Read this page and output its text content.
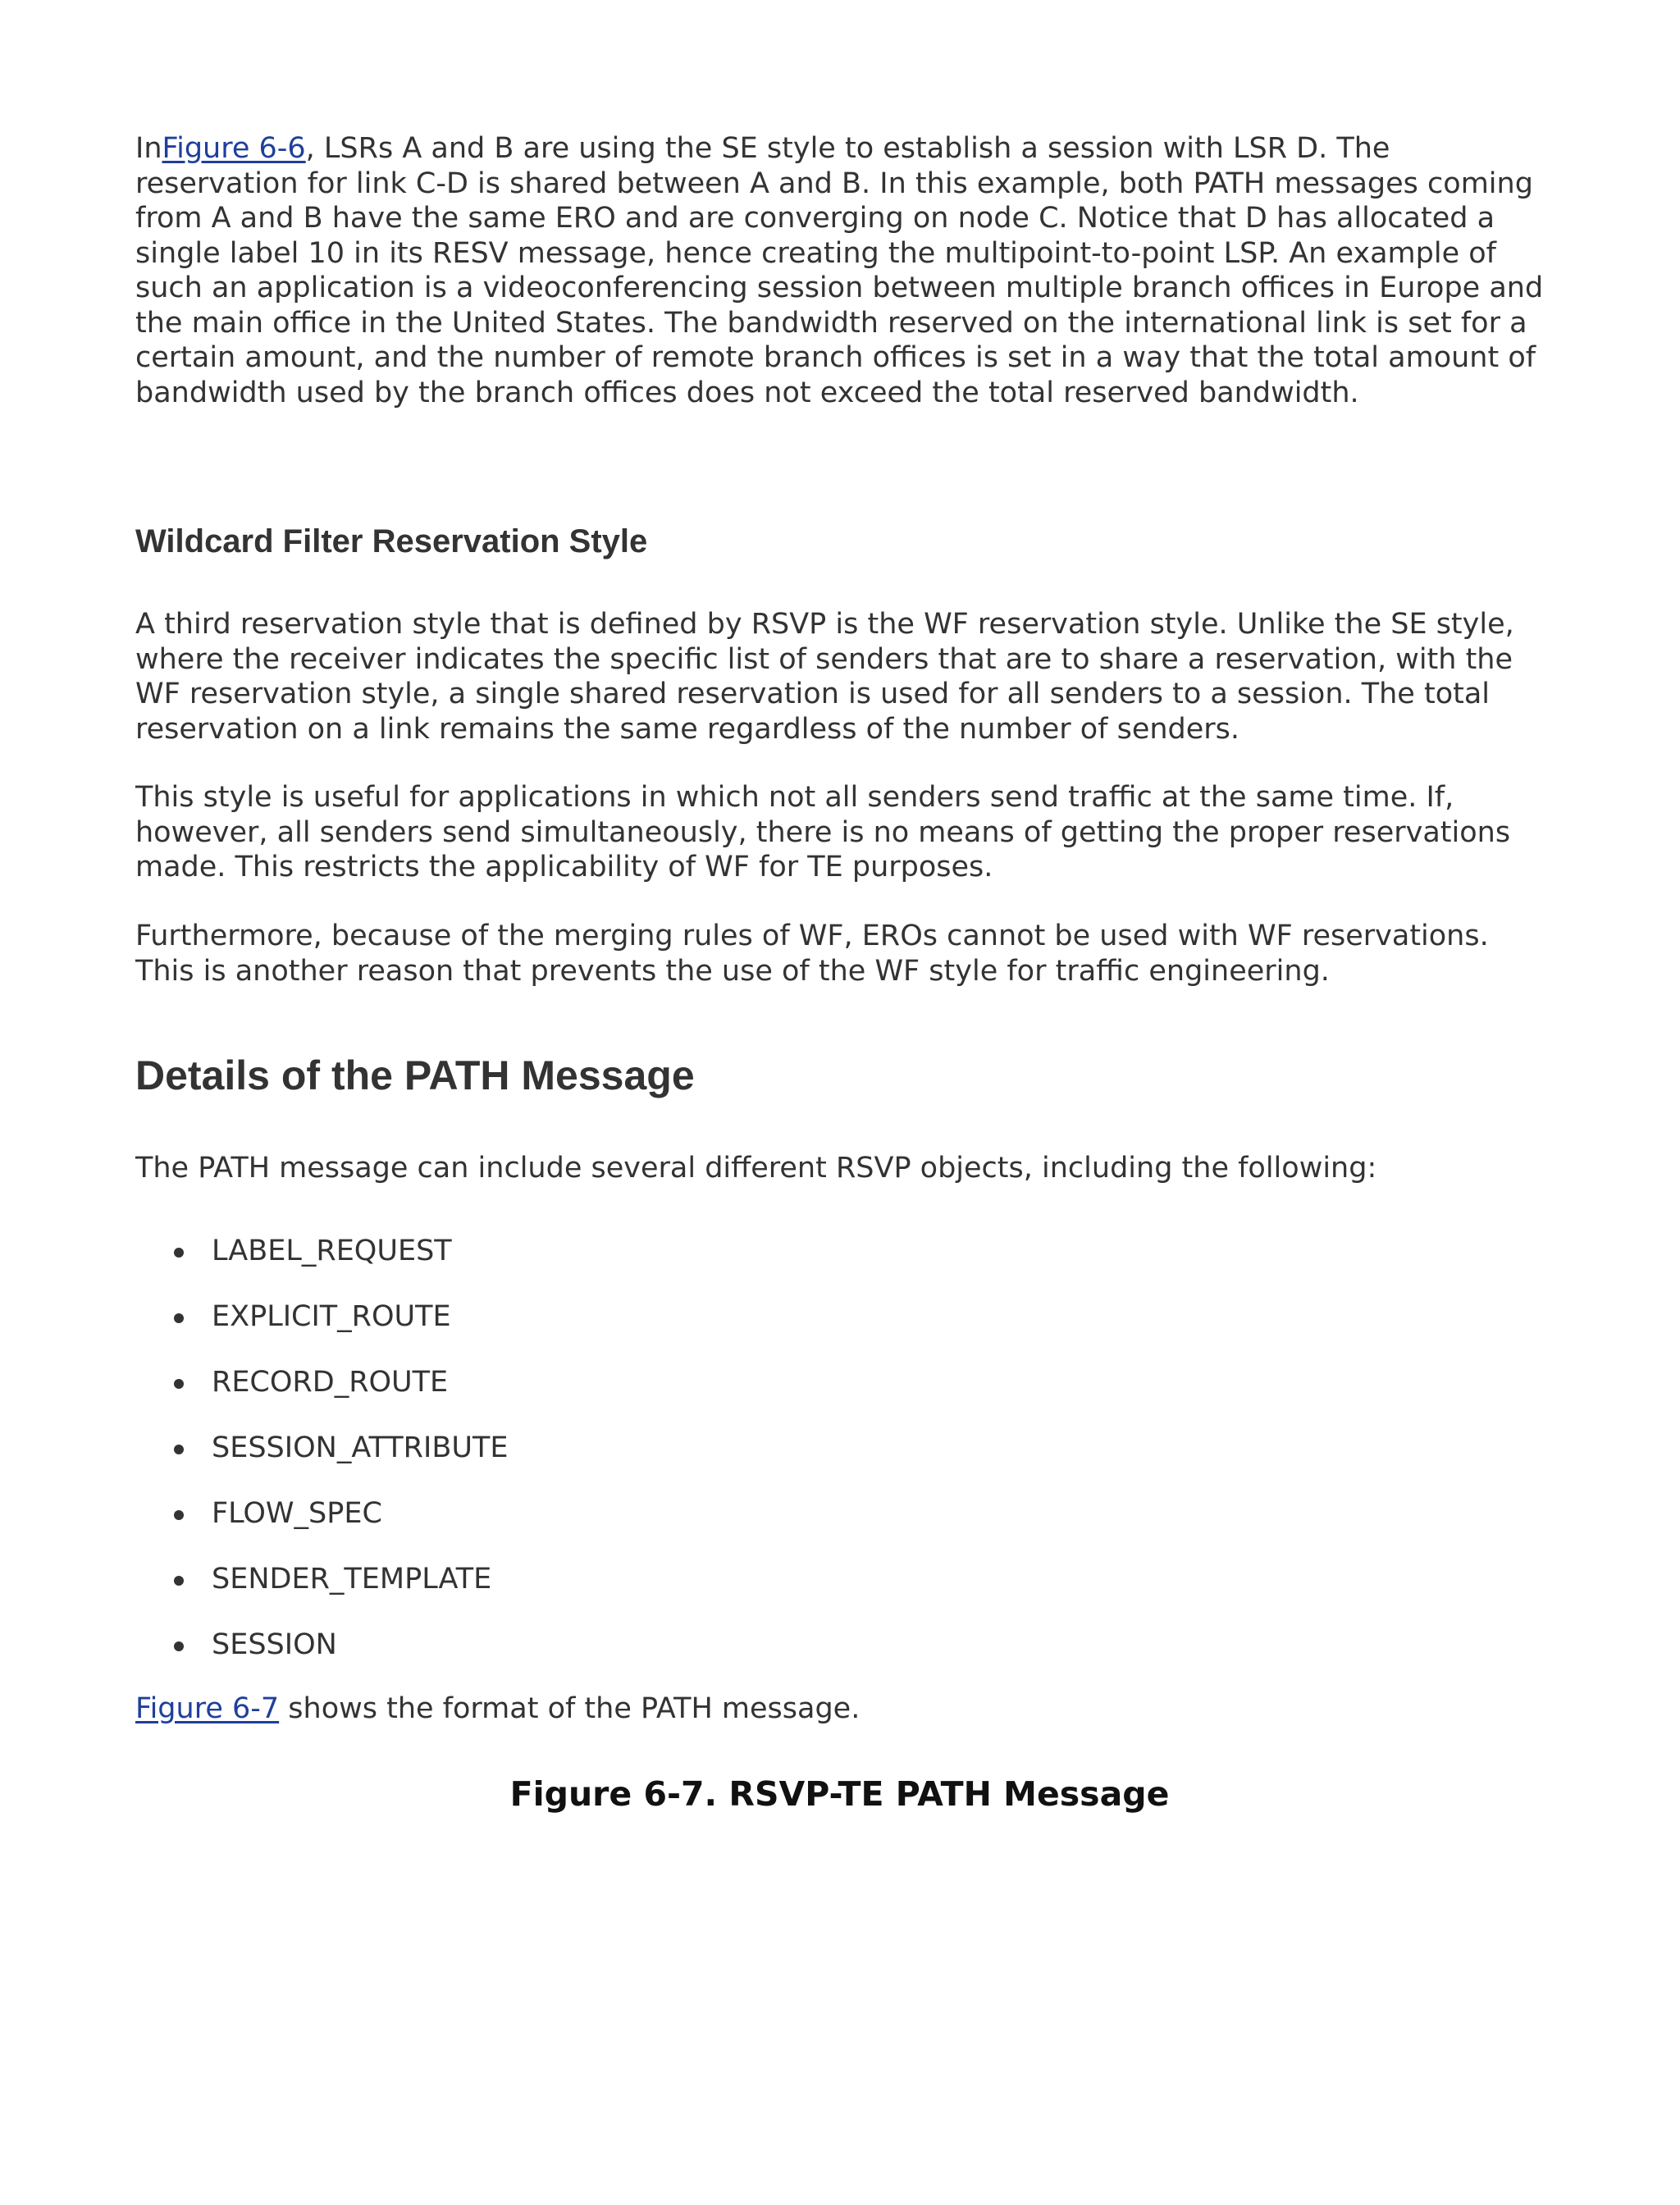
InFigure 6-6, LSRs A and B are using the SE style to establish a session with LSR D. The reservation for link C-D is shared between A and B. In this example, both PATH messages coming from A and B have the same ERO and are converging on node C. Notice that D has allocated a single label 10 in its RESV message, hence creating the multipoint-to-point LSP. An example of such an application is a videoconferencing session between multiple branch offices in Europe and the main office in the United States. The bandwidth reserved on the international link is set for a certain amount, and the number of remote branch offices is set in a way that the total amount of bandwidth used by the branch offices does not exceed the total reserved bandwidth.

Wildcard Filter Reservation Style

A third reservation style that is defined by RSVP is the WF reservation style. Unlike the SE style, where the receiver indicates the specific list of senders that are to share a reservation, with the WF reservation style, a single shared reservation is used for all senders to a session. The total reservation on a link remains the same regardless of the number of senders.

This style is useful for applications in which not all senders send traffic at the same time. If, however, all senders send simultaneously, there is no means of getting the proper reservations made. This restricts the applicability of WF for TE purposes.

Furthermore, because of the merging rules of WF, EROs cannot be used with WF reservations. This is another reason that prevents the use of the WF style for traffic engineering.

Details of the PATH Message

The PATH message can include several different RSVP objects, including the following:

LABEL_REQUEST
EXPLICIT_ROUTE
RECORD_ROUTE
SESSION_ATTRIBUTE
FLOW_SPEC
SENDER_TEMPLATE
SESSION

Figure 6-7 shows the format of the PATH message.

Figure 6-7. RSVP-TE PATH Message
